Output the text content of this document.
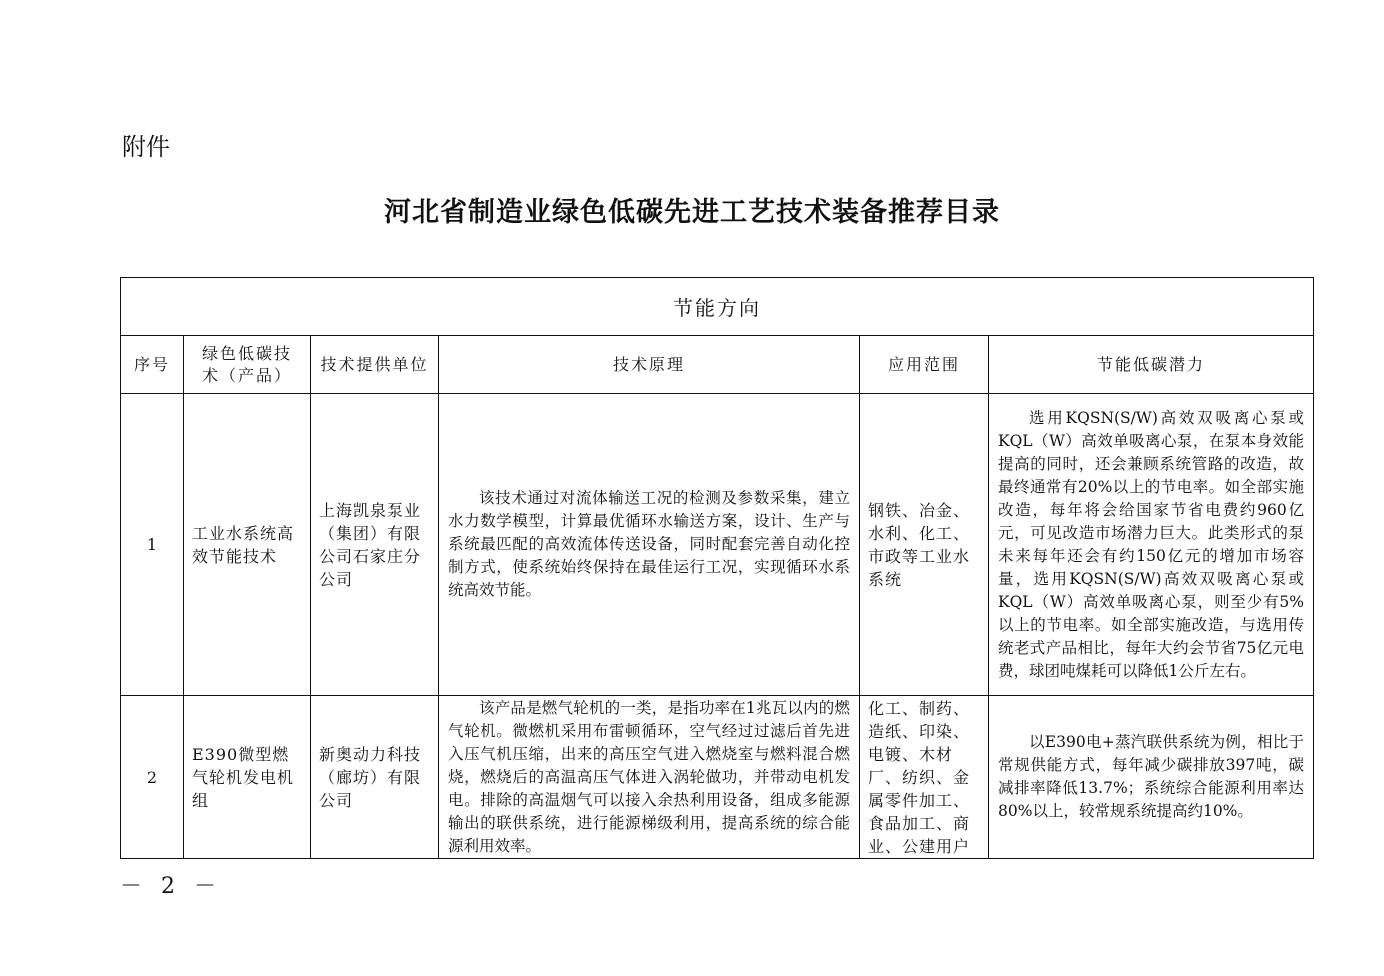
附件
河北省制造业绿色低碳先进工艺技术装备推荐目录
节能方向					
序号	绿色低碳技术（产品）	技术提供单位	技术原理	应用范围	节能低碳潜力
1	工业水系统高效节能技术	上海凯泉泵业（集团）有限公司石家庄分公司	该技术通过对流体输送工况的检测及参数采集，建立水力数学模型，计算最优循环水输送方案，设计、生产与系统最匹配的高效流体传送设备，同时配套完善自动化控制方式，使系统始终保持在最佳运行工况，实现循环水系统高效节能。	钢铁、冶金、水利、化工、市政等工业水系统	选用KQSN(S/W)高效双吸离心泵或KQL（W）高效单吸离心泵，在泵本身效能提高的同时，还会兼顾系统管路的改造，故最终通常有20%以上的节电率。如全部实施改造，每年将会给国家节省电费约960亿元，可见改造市场潜力巨大。此类形式的泵未来每年还会有约150亿元的增加市场容量，选用KQSN(S/W)高效双吸离心泵或KQL（W）高效单吸离心泵，则至少有5%以上的节电率。如全部实施改造，与选用传统老式产品相比，每年大约会节省75亿元电费，球团吨煤耗可以降低1公斤左右。
2	E390微型燃气轮机发电机组	新奥动力科技（廊坊）有限公司	该产品是燃气轮机的一类，是指功率在1兆瓦以内的燃气轮机。微燃机采用布雷顿循环，空气经过过滤后首先进入压气机压缩，出来的高压空气进入燃烧室与燃料混合燃烧，燃烧后的高温高压气体进入涡轮做功，并带动电机发电。排除的高温烟气可以接入余热利用设备，组成多能源输出的联供系统，进行能源梯级利用，提高系统的综合能源利用效率。	化工、制药、造纸、印染、电镀、木材厂、纺织、金属零件加工、食品加工、商业、公建用户	以E390电+蒸汽联供系统为例，相比于常规供能方式，每年减少碳排放397吨，碳减排率降低13.7%；系统综合能源利用率达80%以上，较常规系统提高约10%。
－ 2 －
